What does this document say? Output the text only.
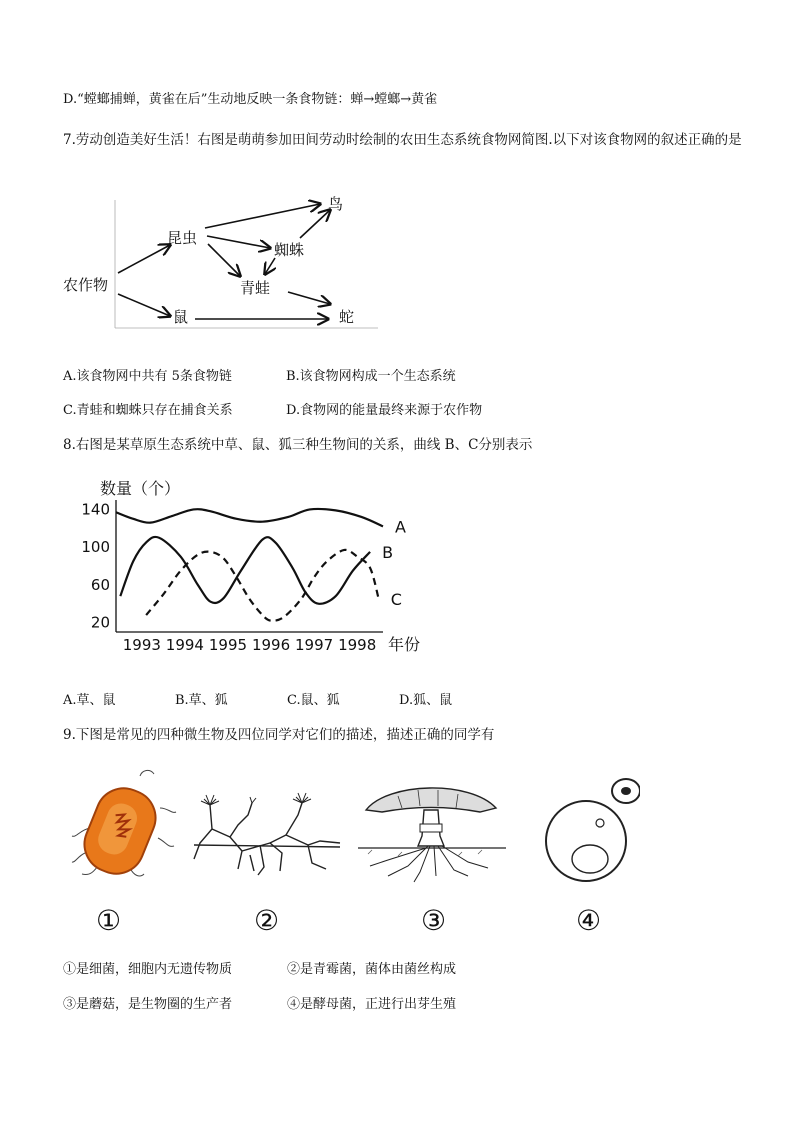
D.“螳螂捕蝉，黄雀在后”生动地反映一条食物链：蝉→螳螂→黄雀
7.劳动创造美好生活！右图是萌萌参加田间劳动时绘制的农田生态系统食物网简图.以下对该食物网的叙述正确的是
农作物
昆虫
鸟
蜘蛛
青蛙
鼠	蛇
A.该食物网中共有 5条食物链	B.该食物网构成一个生态系统
C.青蛙和蜘蛛只存在捕食关系	D.食物网的能量最终来源于农作物
8.右图是某草原生态系统中草、鼠、狐三种生物间的关系，曲线 B、C分别表示
数量（个）
年份
20
60
100
140
1993 1994 1995 1996 1997 1998
A
B
C
A.草、鼠	B.草、狐	C.鼠、狐	D.狐、鼠
9.下图是常见的四种微生物及四位同学对它们的描述，描述正确的同学有
①	②	③	④
①是细菌，细胞内无遗传物质	②是青霉菌，菌体由菌丝构成
③是蘑菇，是生物圈的生产者	④是酵母菌，正进行出芽生殖
